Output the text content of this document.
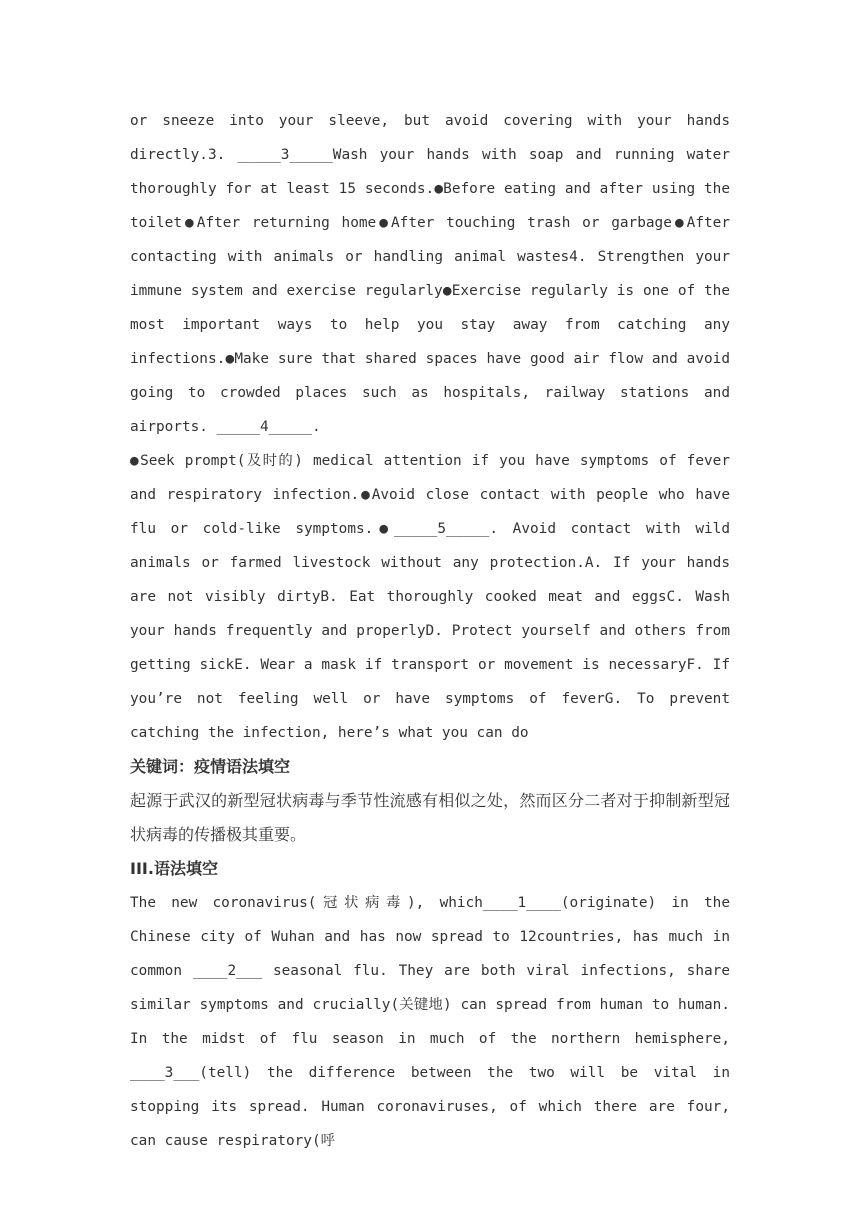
or sneeze into your sleeve, but avoid covering with your hands directly.3. _____3_____Wash your hands with soap and running water thoroughly for at least 15 seconds.●Before eating and after using the toilet●After returning home●After touching trash or garbage●After contacting with animals or handling animal wastes4. Strengthen your immune system and exercise regularly●Exercise regularly is one of the most important ways to help you stay away from catching any infections.●Make sure that shared spaces have good air flow and avoid going to crowded places such as hospitals, railway stations and airports. _____4_____.

●Seek prompt(及时的) medical attention if you have symptoms of fever and respiratory infection.●Avoid close contact with people who have flu or cold-like symptoms.●_____5_____. Avoid contact with wild animals or farmed livestock without any protection.A. If your hands are not visibly dirtyB. Eat thoroughly cooked meat and eggsC. Wash your hands frequently and properlyD. Protect yourself and others from getting sickE. Wear a mask if transport or movement is necessaryF. If you’re not feeling well or have symptoms of feverG. To prevent catching the infection, here’s what you can do

关键词：疫情语法填空

起源于武汉的新型冠状病毒与季节性流感有相似之处，然而区分二者对于抑制新型冠状病毒的传播极其重要。

III.语法填空

The new coronavirus(冠状病毒), which____1____(originate) in the Chinese city of Wuhan and has now spread to 12countries, has much in common ____2___ seasonal flu. They are both viral infections, share similar symptoms and crucially(关键地) can spread from human to human. In the midst of flu season in much of the northern hemisphere, ____3___(tell) the difference between the two will be vital in stopping its spread. Human coronaviruses, of which there are four, can cause respiratory(呼
